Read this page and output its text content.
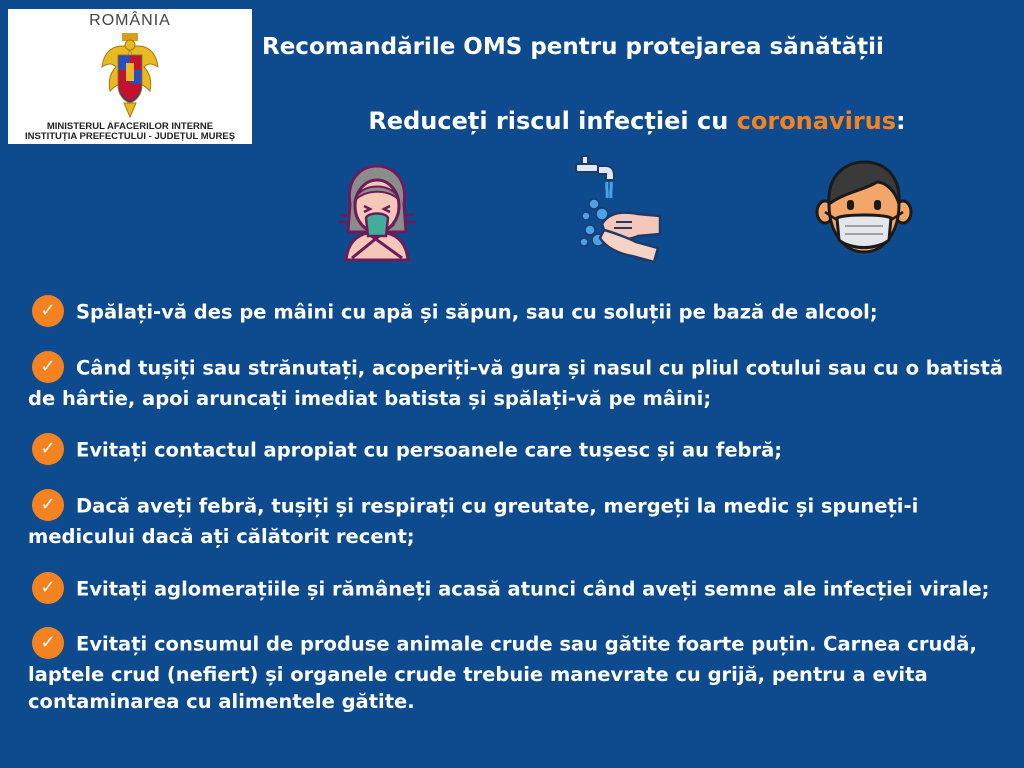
ROMÂNIA
MINISTERUL AFACERILOR INTERNE
INSTITUȚIA PREFECTULUI - JUDEȚUL MUREȘ
Recomandările OMS pentru protejarea sănătății
Reduceți riscul infecției cu coronavirus:
✓ Spălați-vă des pe mâini cu apă și săpun, sau cu soluții pe bază de alcool;
✓ Când tușiți sau strănutați, acoperiți-vă gura și nasul cu pliul cotului sau cu o batistă de hârtie, apoi aruncați imediat batista și spălați-vă pe mâini;
✓ Evitați contactul apropiat cu persoanele care tușesc și au febră;
✓ Dacă aveți febră, tușiți și respirați cu greutate, mergeți la medic și spuneți-i medicului dacă ați călătorit recent;
✓ Evitați aglomerațiile și rămâneți acasă atunci când aveți semne ale infecției virale;
✓ Evitați consumul de produse animale crude sau gătite foarte puțin. Carnea crudă, laptele crud (nefiert) și organele crude trebuie manevrate cu grijă, pentru a evita contaminarea cu alimentele gătite.
